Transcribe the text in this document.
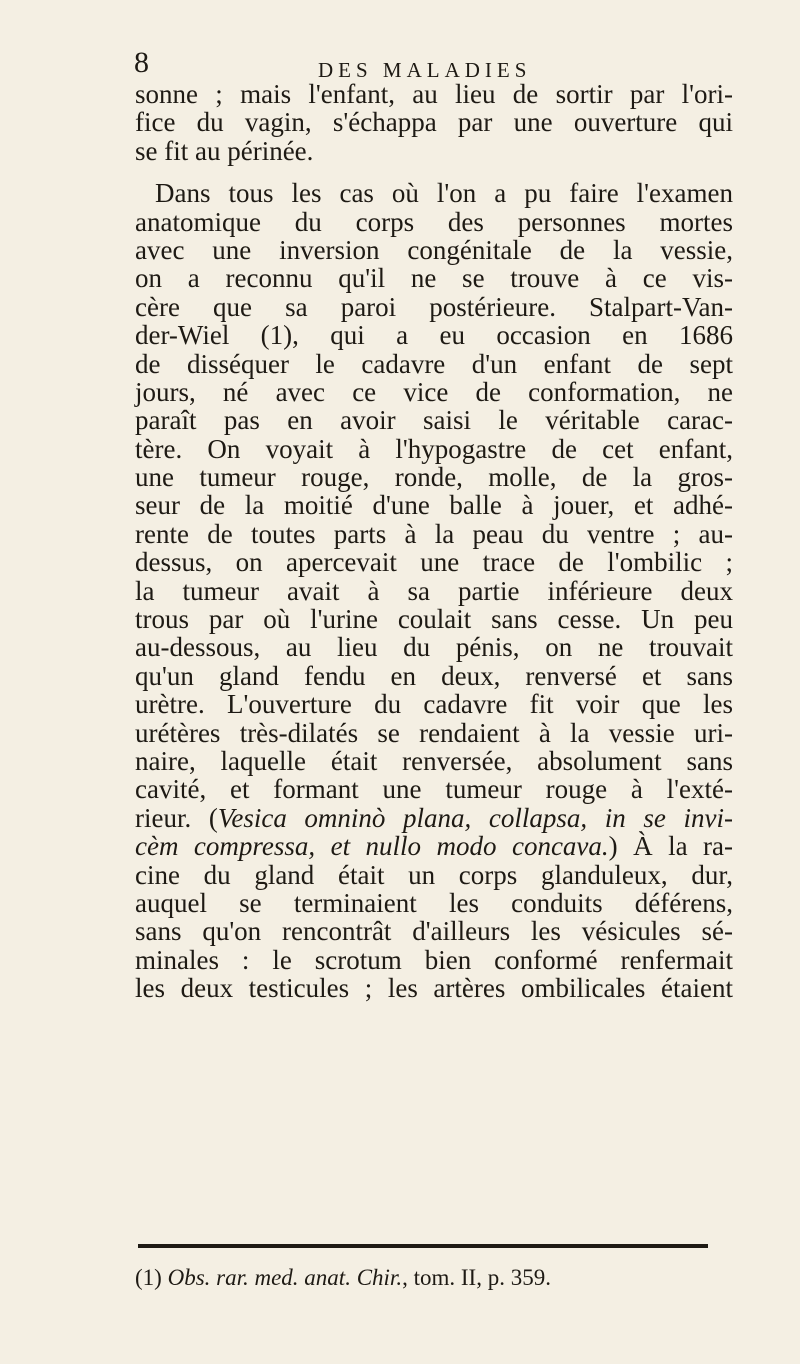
8	DES MALADIES
sonne ; mais l'enfant, au lieu de sortir par l'ori-
fice du vagin, s'échappa par une ouverture qui
se fit au périnée.
Dans tous les cas où l'on a pu faire l'examen
anatomique du corps des personnes mortes
avec une inversion congénitale de la vessie,
on a reconnu qu'il ne se trouve à ce vis-
cère que sa paroi postérieure. Stalpart-Van-
der-Wiel (1), qui a eu occasion en 1686
de disséquer le cadavre d'un enfant de sept
jours, né avec ce vice de conformation, ne
paraît pas en avoir saisi le véritable carac-
tère. On voyait à l'hypogastre de cet enfant,
une tumeur rouge, ronde, molle, de la gros-
seur de la moitié d'une balle à jouer, et adhé-
rente de toutes parts à la peau du ventre ; au-
dessus, on apercevait une trace de l'ombilic ;
la tumeur avait à sa partie inférieure deux
trous par où l'urine coulait sans cesse. Un peu
au-dessous, au lieu du pénis, on ne trouvait
qu'un gland fendu en deux, renversé et sans
urètre. L'ouverture du cadavre fit voir que les
urétères très-dilatés se rendaient à la vessie uri-
naire, laquelle était renversée, absolument sans
cavité, et formant une tumeur rouge à l'exté-
rieur. (Vesica omninò plana, collapsa, in se invi-
cèm compressa, et nullo modo concava.) À la ra-
cine du gland était un corps glanduleux, dur,
auquel se terminaient les conduits déférens,
sans qu'on rencontrât d'ailleurs les vésicules sé-
minales : le scrotum bien conformé renfermait
les deux testicules ; les artères ombilicales étaient
(1) Obs. rar. med. anat. Chir., tom. II, p. 359.
